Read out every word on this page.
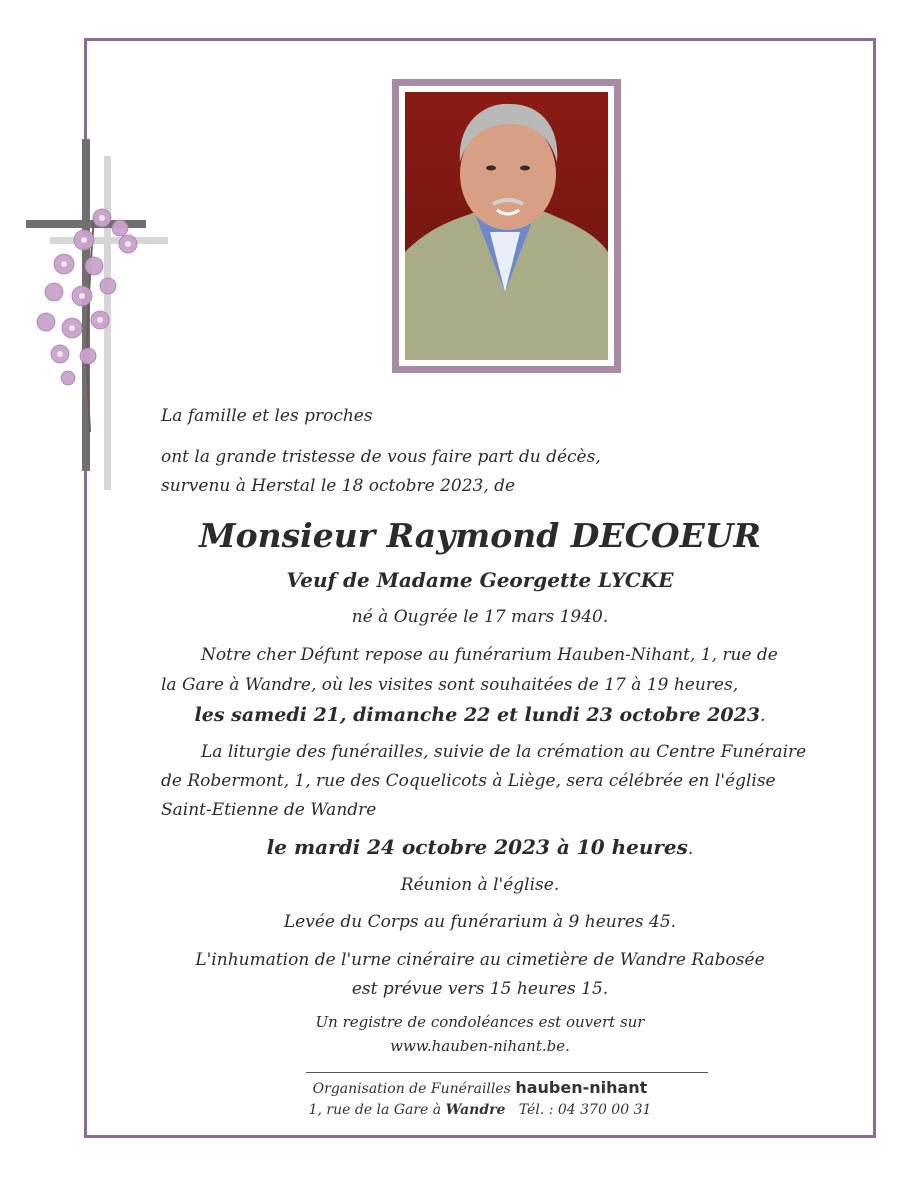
La famille et les proches
ont la grande tristesse de vous faire part du décès,
survenu à Herstal le 18 octobre 2023, de
Monsieur Raymond DECOEUR
Veuf de Madame Georgette LYCKE
né à Ougrée le 17 mars 1940.
Notre cher Défunt repose au funérarium Hauben-Nihant, 1, rue de
la Gare à Wandre, où les visites sont souhaitées de 17 à 19 heures,
les samedi 21, dimanche 22 et lundi 23 octobre 2023.
La liturgie des funérailles, suivie de la crémation au Centre Funéraire
de Robermont, 1, rue des Coquelicots à Liège, sera célébrée en l'église
Saint-Etienne de Wandre
le mardi 24 octobre 2023 à 10 heures.
Réunion à l'église.
Levée du Corps au funérarium à 9 heures 45.
L'inhumation de l'urne cinéraire au cimetière de Wandre Rabosée
est prévue vers 15 heures 15.
Un registre de condoléances est ouvert sur
www.hauben-nihant.be.
Organisation de Funérailles hauben-nihant
1, rue de la Gare à Wandre Tél. : 04 370 00 31
